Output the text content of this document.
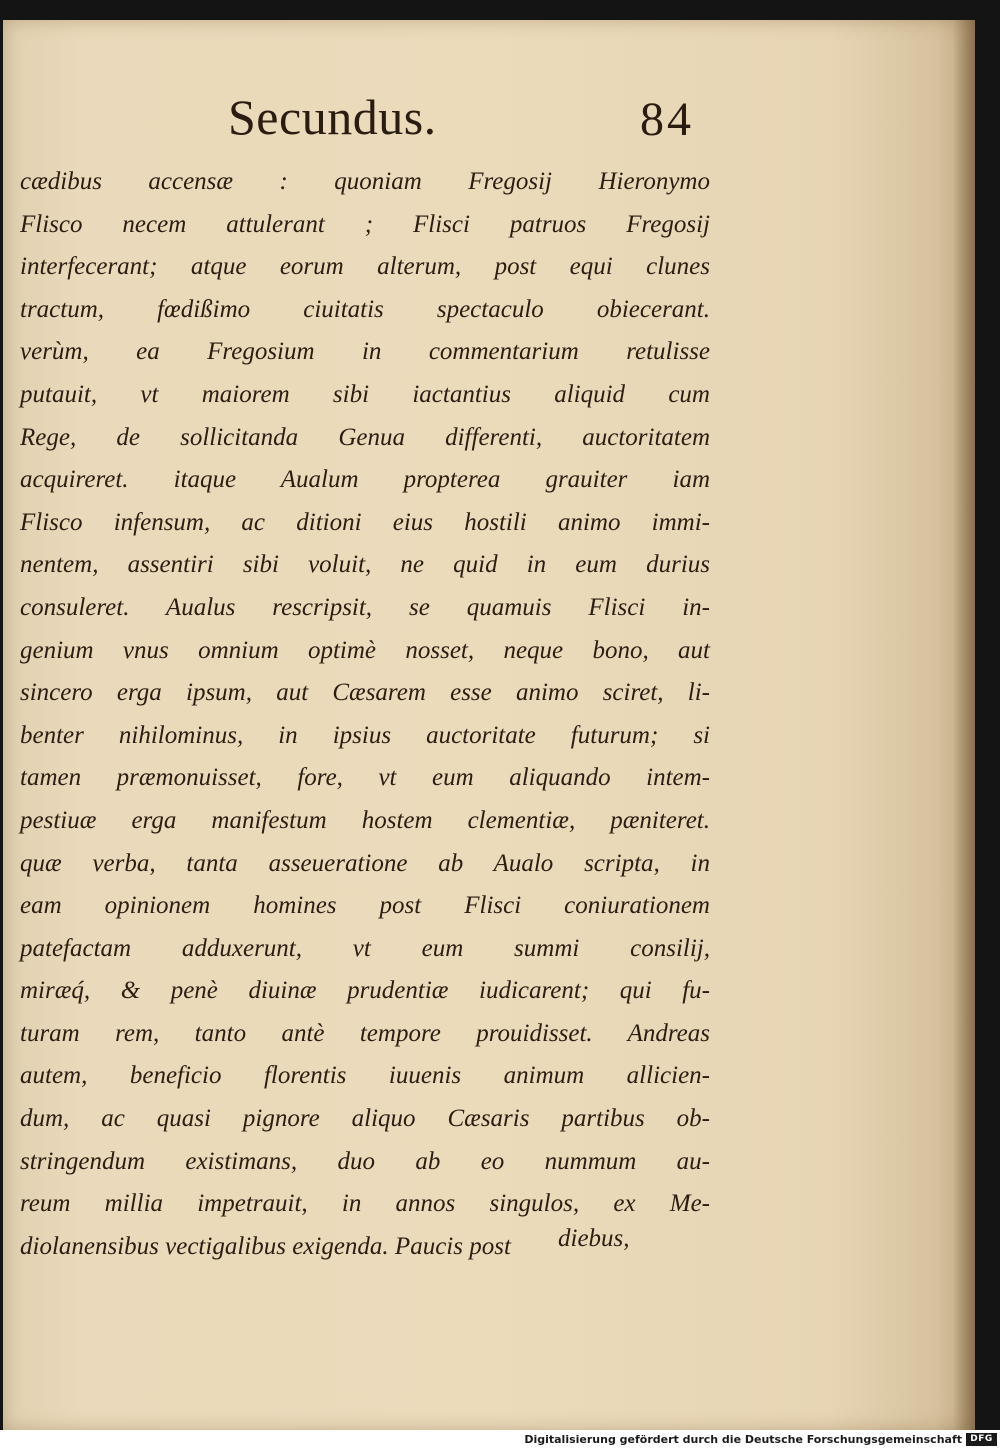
Secundus.	84
cædibus accensæ : quoniam Fregosij Hieronymo
Flisco necem attulerant ; Flisci patruos Fregosij
interfecerant; atque eorum alterum, post equi clunes
tractum, fœdißimo ciuitatis spectaculo obiecerant.
verùm, ea Fregosium in commentarium retulisse
putauit, vt maiorem sibi iactantius aliquid cum
Rege, de sollicitanda Genua differenti, auctoritatem
acquireret. itaque Aualum propterea grauiter iam
Flisco infensum, ac ditioni eius hostili animo immi-
nentem, assentiri sibi voluit, ne quid in eum durius
consuleret. Aualus rescripsit, se quamuis Flisci in-
genium vnus omnium optimè nosset, neque bono, aut
sincero erga ipsum, aut Cæsarem esse animo sciret, li-
benter nihilominus, in ipsius auctoritate futurum; si
tamen præmonuisset, fore, vt eum aliquando intem-
pestiuæ erga manifestum hostem clementiæ, pæniteret.
quæ verba, tanta asseueratione ab Aualo scripta, in
eam opinionem homines post Flisci coniurationem
patefactam adduxerunt, vt eum summi consilij,
miræq́, & penè diuinæ prudentiæ iudicarent; qui fu-
turam rem, tanto antè tempore prouidisset. Andreas
autem, beneficio florentis iuuenis animum allicien-
dum, ac quasi pignore aliquo Cæsaris partibus ob-
stringendum existimans, duo ab eo nummum au-
reum millia impetrauit, in annos singulos, ex Me-
diolanensibus vectigalibus exigenda. Paucis post	diebus,
Digitalisierung gefördert durch die Deutsche Forschungsgemeinschaft DFG
